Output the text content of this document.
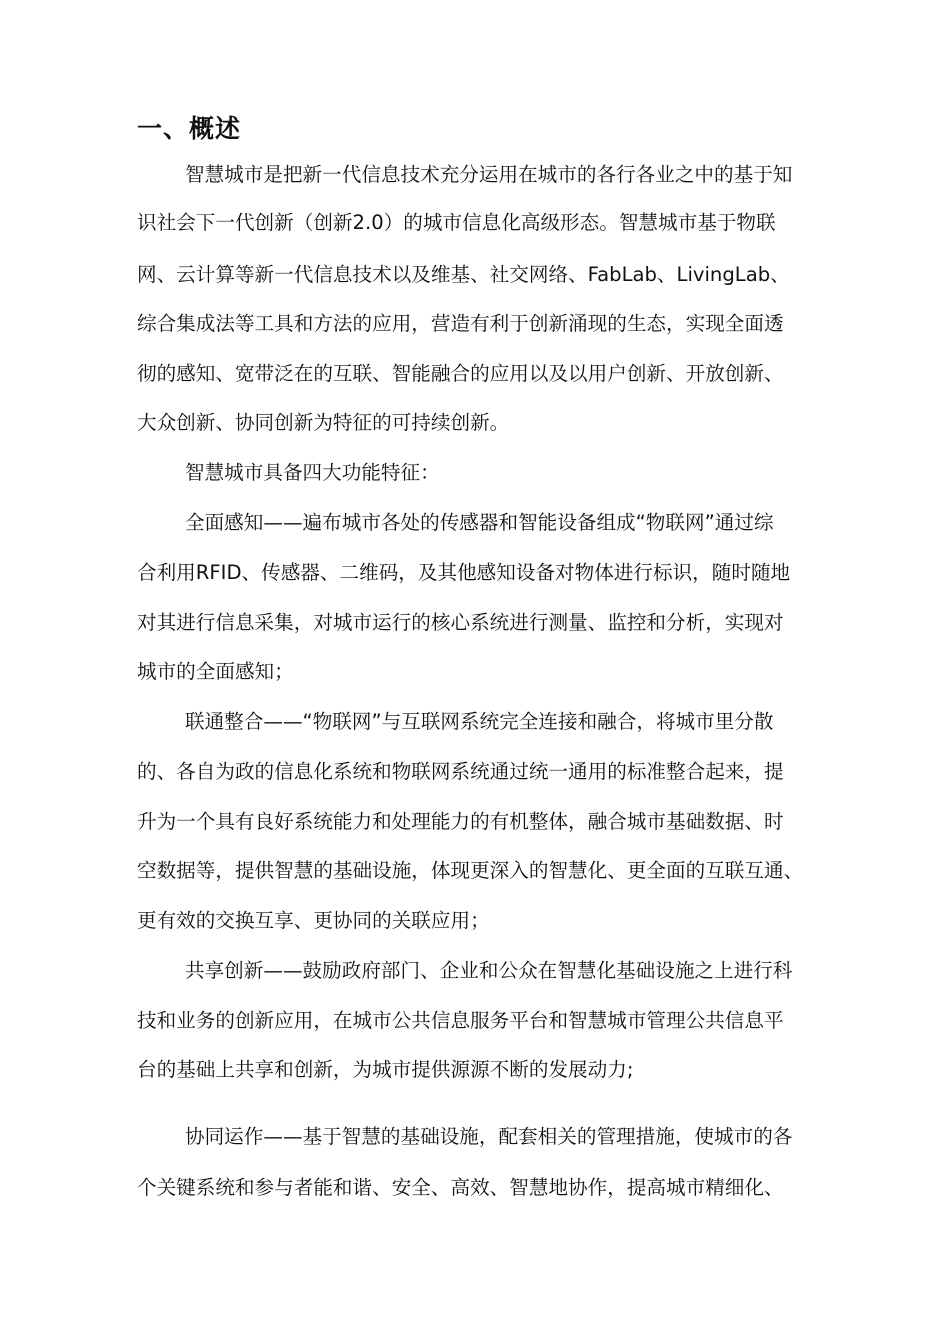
一、概述
智慧城市是把新一代信息技术充分运用在城市的各行各业之中的基于知
识社会下一代创新（创新2.0）的城市信息化高级形态。智慧城市基于物联
网、云计算等新一代信息技术以及维基、社交网络、FabLab、LivingLab、
综合集成法等工具和方法的应用，营造有利于创新涌现的生态，实现全面透
彻的感知、宽带泛在的互联、智能融合的应用以及以用户创新、开放创新、
大众创新、协同创新为特征的可持续创新。
智慧城市具备四大功能特征：
全面感知——遍布城市各处的传感器和智能设备组成“物联网”通过综
合利用RFID、传感器、二维码，及其他感知设备对物体进行标识，随时随地
对其进行信息采集，对城市运行的核心系统进行测量、监控和分析，实现对
城市的全面感知；
联通整合——“物联网”与互联网系统完全连接和融合，将城市里分散
的、各自为政的信息化系统和物联网系统通过统一通用的标准整合起来，提
升为一个具有良好系统能力和处理能力的有机整体，融合城市基础数据、时
空数据等，提供智慧的基础设施，体现更深入的智慧化、更全面的互联互通、
更有效的交换互享、更协同的关联应用；
共享创新——鼓励政府部门、企业和公众在智慧化基础设施之上进行科
技和业务的创新应用，在城市公共信息服务平台和智慧城市管理公共信息平
台的基础上共享和创新，为城市提供源源不断的发展动力;
协同运作——基于智慧的基础设施，配套相关的管理措施，使城市的各
个关键系统和参与者能和谐、安全、高效、智慧地协作，提高城市精细化、
